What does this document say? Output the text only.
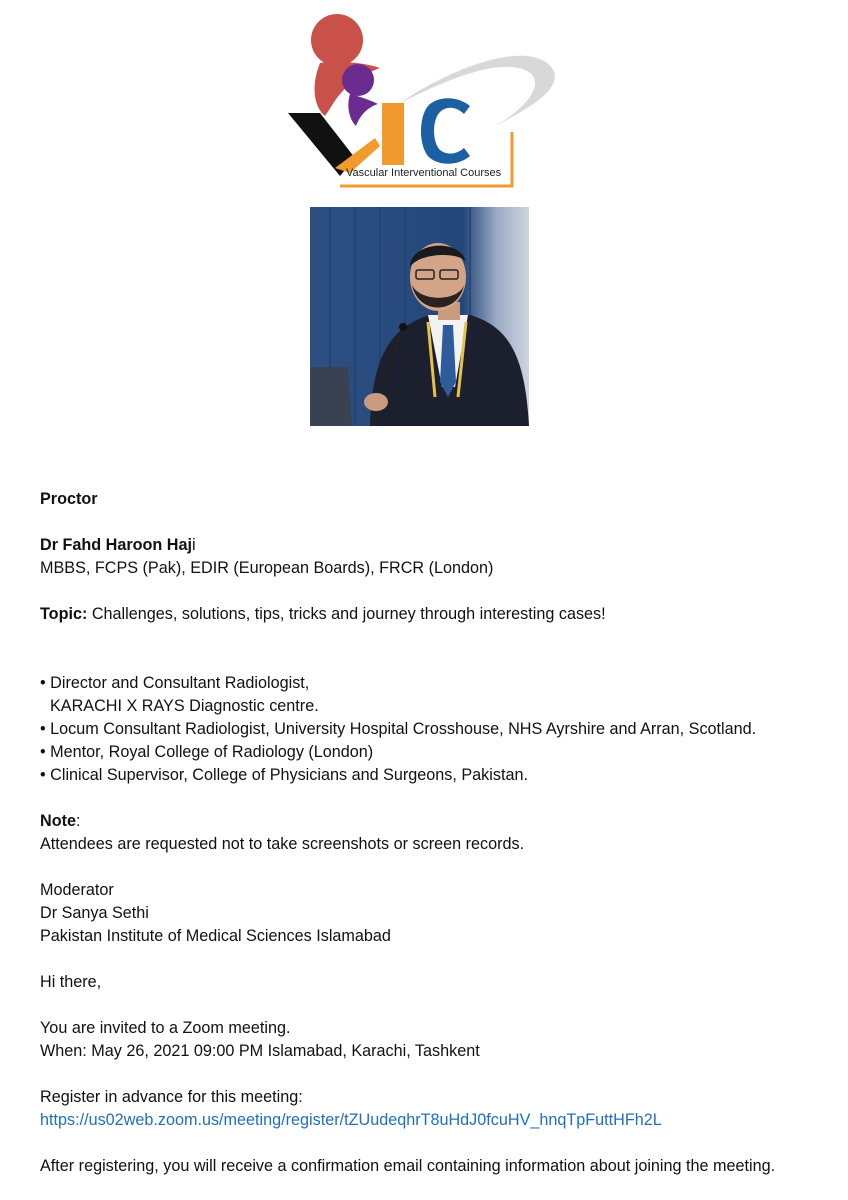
Vascular Interventional Courses
Proctor
Dr Fahd Haroon Haji
MBBS, FCPS (Pak), EDIR (European Boards), FRCR (London)
Topic: Challenges, solutions, tips, tricks and journey through interesting cases!
• Director and Consultant Radiologist,
KARACHI X RAYS Diagnostic centre.
• Locum Consultant Radiologist, University Hospital Crosshouse, NHS Ayrshire and Arran, Scotland.
• Mentor, Royal College of Radiology (London)
• Clinical Supervisor, College of Physicians and Surgeons, Pakistan.
Note:
Attendees are requested not to take screenshots or screen records.
Moderator
Dr Sanya Sethi
Pakistan Institute of Medical Sciences Islamabad
Hi there,
You are invited to a Zoom meeting.
When: May 26, 2021 09:00 PM Islamabad, Karachi, Tashkent
Register in advance for this meeting:
https://us02web.zoom.us/meeting/register/tZUudeqhrT8uHdJ0fcuHV_hnqTpFuttHFh2L
After registering, you will receive a confirmation email containing information about joining the meeting.
